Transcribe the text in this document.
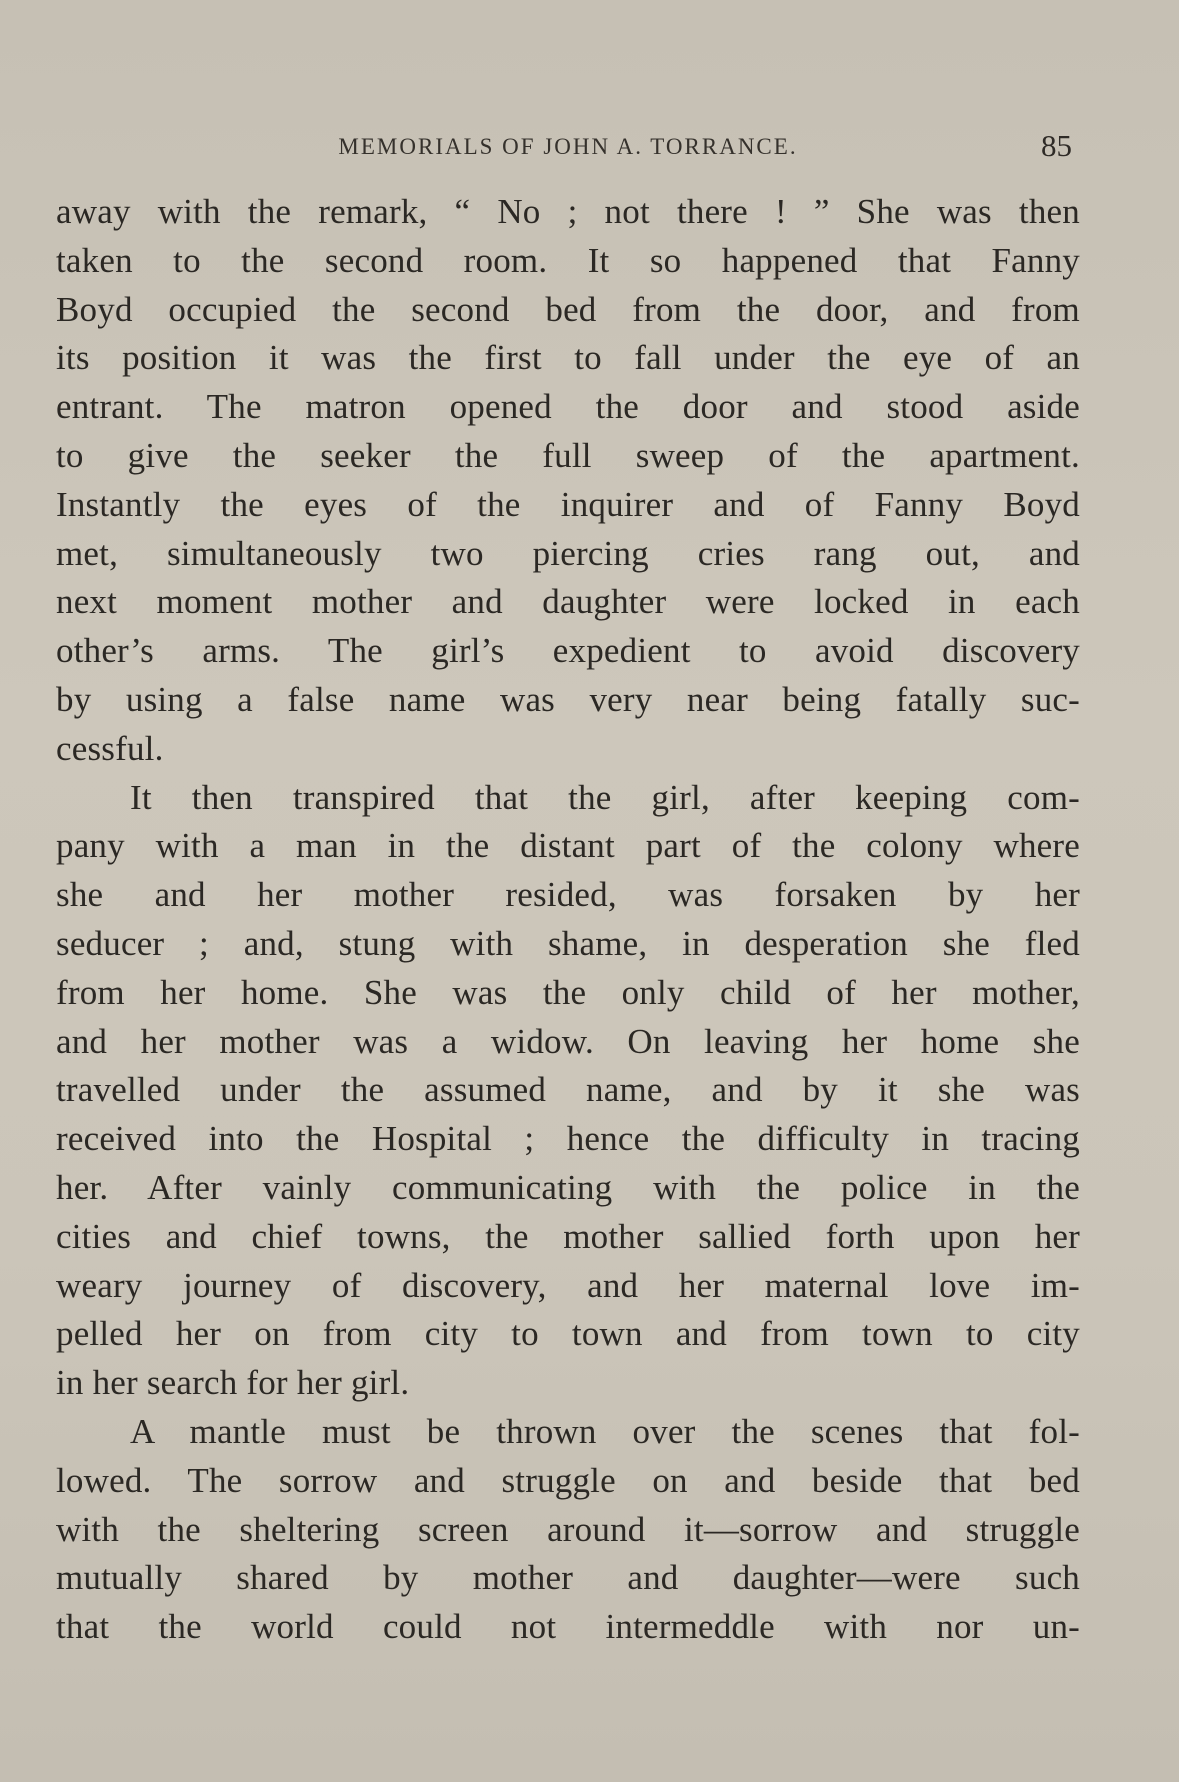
MEMORIALS OF JOHN A. TORRANCE.	85
away with the remark, “ No ; not there ! ” She was then
taken to the second room. It so happened that Fanny
Boyd occupied the second bed from the door, and from
its position it was the first to fall under the eye of an
entrant. The matron opened the door and stood aside
to give the seeker the full sweep of the apartment.
Instantly the eyes of the inquirer and of Fanny Boyd
met, simultaneously two piercing cries rang out, and
next moment mother and daughter were locked in each
other’s arms. The girl’s expedient to avoid discovery
by using a false name was very near being fatally suc-
cessful.
It then transpired that the girl, after keeping com-
pany with a man in the distant part of the colony where
she and her mother resided, was forsaken by her
seducer ; and, stung with shame, in desperation she fled
from her home. She was the only child of her mother,
and her mother was a widow. On leaving her home she
travelled under the assumed name, and by it she was
received into the Hospital ; hence the difficulty in tracing
her. After vainly communicating with the police in the
cities and chief towns, the mother sallied forth upon her
weary journey of discovery, and her maternal love im-
pelled her on from city to town and from town to city
in her search for her girl.
A mantle must be thrown over the scenes that fol-
lowed. The sorrow and struggle on and beside that bed
with the sheltering screen around it—sorrow and struggle
mutually shared by mother and daughter—were such
that the world could not intermeddle with nor un-
